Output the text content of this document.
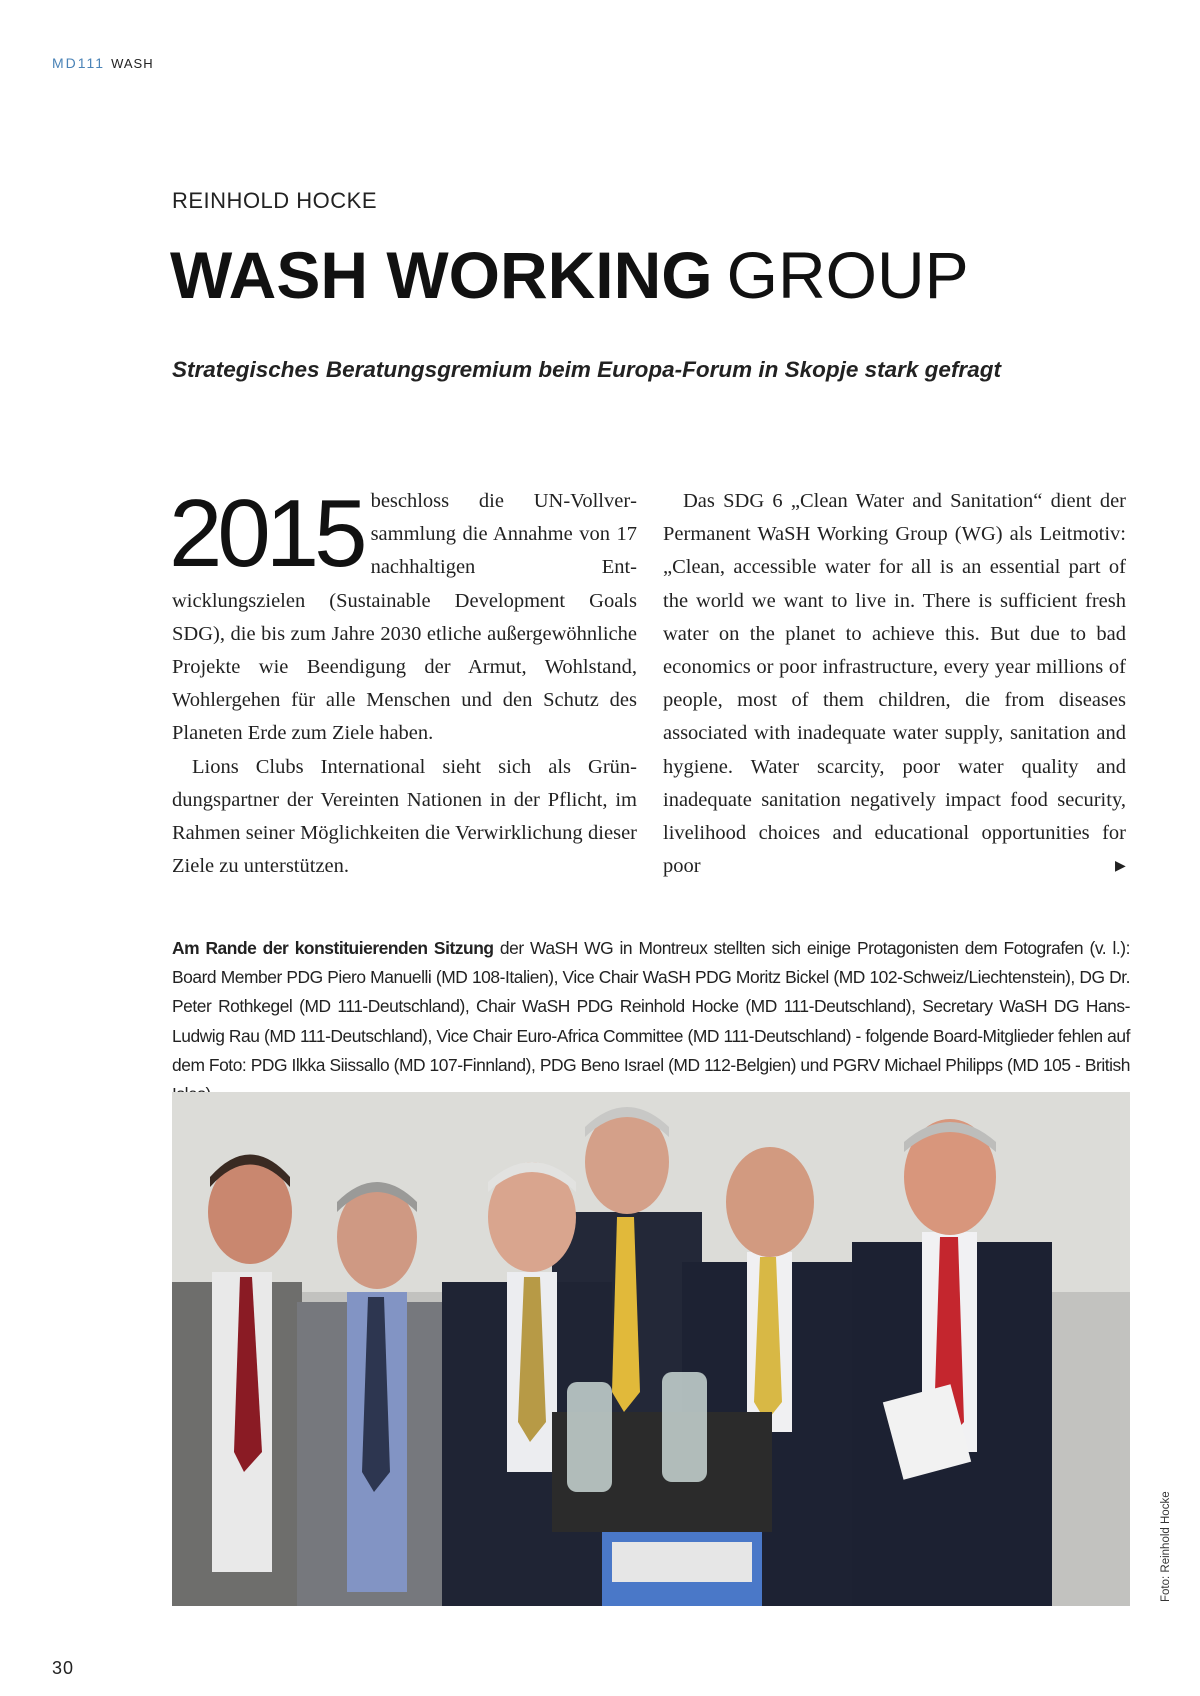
MD111 WASH
REINHOLD HOCKE
WASH WORKING GROUP
Strategisches Beratungsgremium beim Europa-Forum in Skopje stark gefragt

2015 beschloss die UN-Vollversammlung die Annahme von 17 nachhaltigen Entwicklungszielen (Sustainable Development Goals SDG), die bis zum Jahre 2030 etliche außergewöhnliche Projekte wie Beendigung der Armut, Wohlstand, Wohlergehen für alle Menschen und den Schutz des Planeten Erde zum Ziele haben.

Lions Clubs International sieht sich als Gründungspartner der Vereinten Nationen in der Pflicht, im Rahmen seiner Möglichkeiten die Verwirklichung dieser Ziele zu unterstützen.

Das SDG 6 „Clean Water and Sanitation“ dient der Permanent WaSH Working Group (WG) als Leitmotiv: „Clean, accessible water for all is an essential part of the world we want to live in. There is sufficient fresh water on the planet to achieve this. But due to bad economics or poor infrastructure, every year millions of people, most of them children, die from diseases associated with inadequate water supply, sanitation and hygiene. Water scarcity, poor water quality and inadequate sanitation negatively impact food security, livelihood choices and educational opportunities for poor	▶
Am Rande der konstituierenden Sitzung der WaSH WG in Montreux stellten sich einige Protagonisten dem Fotografen (v. l.): Board Member PDG Piero Manuelli (MD 108-Italien), Vice Chair WaSH PDG Moritz Bickel (MD 102-Schweiz/Liechtenstein), DG Dr. Peter Rothkegel (MD 111-Deutschland), Chair WaSH PDG Reinhold Hocke (MD 111-Deutschland), Secretary WaSH DG Hans-Ludwig Rau (MD 111-Deutschland), Vice Chair Euro-Africa Committee (MD 111-Deutschland) - folgende Board-Mitglieder fehlen auf dem Foto: PDG Ilkka Siissallo (MD 107-Finnland), PDG Beno Israel (MD 112-Belgien) und PGRV Michael Philipps (MD 105 - British
Foto: Reinhold Hocke
30
